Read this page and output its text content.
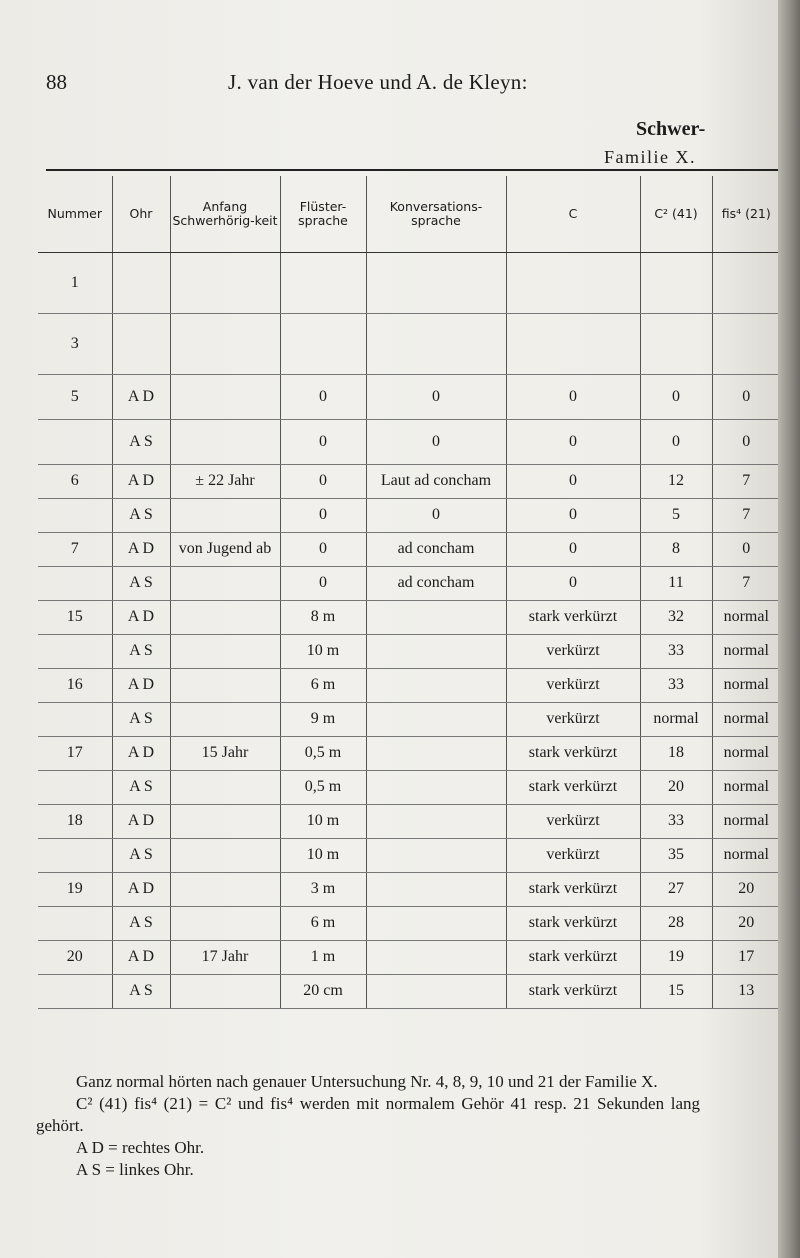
88	J. van der Hoeve und A. de Kleyn:
Schwer-
Familie X.
Nummer	Ohr	Anfang Schwerhörig-keit	Flüster-sprache	Konversations-sprache	C	C² (41)	fis⁴ (21)
1							
3							
5	A D		0	0	0	0	0
	A S		0	0	0	0	0
6	A D	± 22 Jahr	0	Laut ad concham	0	12	7
	A S		0	0	0	5	7
7	A D	von Jugend ab	0	ad concham	0	8	0
	A S		0	ad concham	0	11	7
15	A D		8 m		stark verkürzt	32	normal
	A S		10 m		verkürzt	33	normal
16	A D		6 m		verkürzt	33	normal
	A S		9 m		verkürzt	normal	normal
17	A D	15 Jahr	0,5 m		stark verkürzt	18	normal
	A S		0,5 m		stark verkürzt	20	normal
18	A D		10 m		verkürzt	33	normal
	A S		10 m		verkürzt	35	normal
19	A D		3 m		stark verkürzt	27	20
	A S		6 m		stark verkürzt	28	20
20	A D	17 Jahr	1 m		stark verkürzt	19	17
	A S		20 cm		stark verkürzt	15	13

Ganz normal hörten nach genauer Untersuchung Nr. 4, 8, 9, 10 und 21 der Familie X.

C² (41) fis⁴ (21) = C² und fis⁴ werden mit normalem Gehör 41 resp. 21 Sekunden lang gehört.

A D = rechtes Ohr.

A S = linkes Ohr.
